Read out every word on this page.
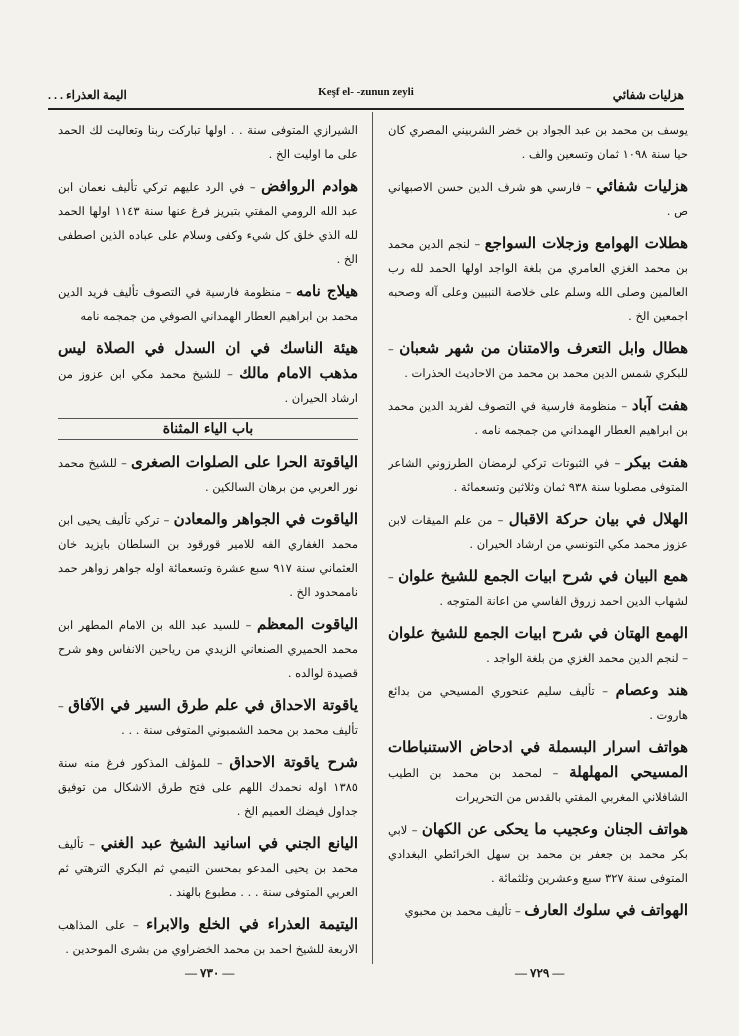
اليمة العذراء . . .	Keşf el- -zunun zeyli	هزليات شفائي
يوسف بن محمد بن عبد الجواد بن خضر الشربيني المصري كان حيا سنة ١٠٩٨ ثمان وتسعين والف .
هزليات شفائي – فارسي هو شرف الدين حسن الاصبهاني ص .
هطلات الهوامع وزجلات السواجع – لنجم الدين محمد بن محمد الغزي العامري من بلغة الواجد اولها الحمد لله رب العالمين وصلى الله وسلم على خلاصة النبيين وعلى آله وصحبه اجمعين الخ .
هطال وابل التعرف والامتنان من شهر شعبان – للبكري شمس الدين محمد بن محمد من الاحاديث الحذرات .
هفت آباد – منظومة فارسية في التصوف لفريد الدين محمد بن ابراهيم العطار الهمداني من جمجمه نامه .
هفت بيكر – في الثبوتات تركي لرمضان الطرزوني الشاعر المتوفى مصلوبا سنة ٩٣٨ ثمان وثلاثين وتسعمائة .
الهلال في بيان حركة الاقبال – من علم الميقات لابن عزوز محمد مكي التونسي من ارشاد الحيران .
همع البيان في شرح ابيات الجمع للشيخ علوان – لشهاب الدين احمد زروق الفاسي من اعانة المتوجه .
الهمع الهتان في شرح ابيات الجمع للشيخ علوان – لنجم الدين محمد الغزي من بلغة الواجد .
هند وعصام – تأليف سليم عنحوري المسيحي من بدائع هاروت .
هواتف اسرار البسملة في ادحاض الاستنباطات المسيحي المهلهلة – لمحمد بن محمد بن الطيب الشافلاني المغربي المفتي بالقدس من التحريرات
هواتف الجنان وعجيب ما يحكى عن الكهان – لابي بكر محمد بن جعفر بن محمد بن سهل الخرائطي البغدادي المتوفى سنة ٣٢٧ سبع وعشرين وثلثمائة .
الهواتف في سلوك العارف – تأليف محمد بن محبوي
الشيرازي المتوفى سنة . . اولها تباركت ربنا وتعاليت لك الحمد على ما اوليت الخ .
هوادم الروافض – في الرد عليهم تركي تأليف نعمان ابن عبد الله الرومي المفتي بتبريز فرغ عنها سنة ١١٤٣ اولها الحمد لله الذي خلق كل شيء وكفى وسلام على عباده الذين اصطفى الخ .
هيلاج نامه – منظومة فارسية في التصوف تأليف فريد الدين محمد بن ابراهيم العطار الهمداني الصوفي من جمجمه نامه
هيئة الناسك في ان السدل في الصلاة ليس مذهب الامام مالك – للشيخ محمد مكي ابن عزوز من ارشاد الحيران .
باب الياء المثناة
الياقوتة الحرا على الصلوات الصغرى – للشيخ محمد نور العربي من برهان السالكين .
الياقوت في الجواهر والمعادن – تركي تأليف يحيى ابن محمد الغفاري الفه للامير قورقود بن السلطان بايزيد خان العثماني سنة ٩١٧ سبع عشرة وتسعمائة اوله جواهر زواهر حمد ناممحدود الخ .
الياقوت المعظم – للسيد عبد الله بن الامام المطهر ابن محمد الحميري الصنعاني الزيدي من رياحين الانفاس وهو شرح قصيدة لوالده .
ياقوتة الاحداق في علم طرق السير في الآفاق – تأليف محمد بن محمد الشمبوني المتوفى سنة . . .
شرح ياقوتة الاحداق – للمؤلف المذكور فرغ منه سنة ١٣٨٥ اوله نحمدك اللهم على فتح طرق الاشكال من توفيق جداول فيضك العميم الخ .
اليانع الجني في اسانيد الشيخ عبد الغني – تأليف محمد بن يحيى المدعو بمحسن التيمي ثم البكري الترهتي ثم العربي المتوفى سنة . . . مطبوع بالهند .
اليتيمة العذراء في الخلع والابراء – على المذاهب الاربعة للشيخ احمد بن محمد الخضراوي من بشرى الموحدين .
— ٧٣٠ —	— ٧٢٩ —
